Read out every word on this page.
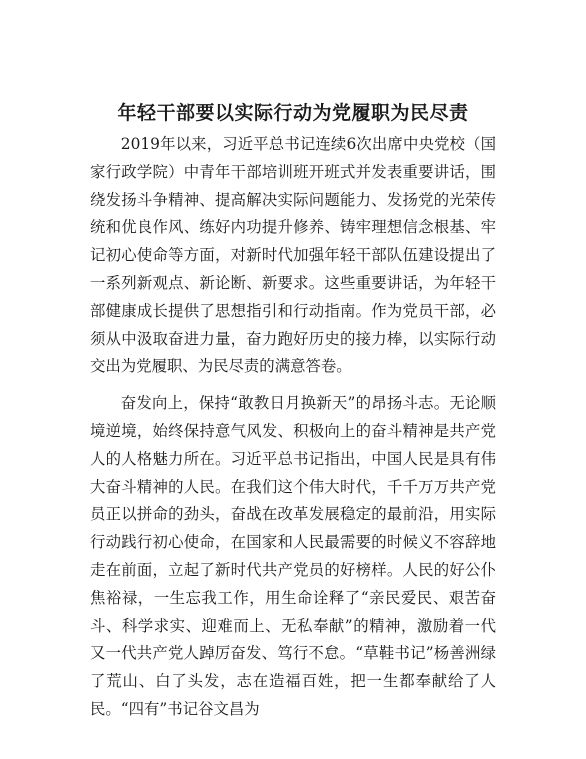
年轻干部要以实际行动为党履职为民尽责

2019年以来，习近平总书记连续6次出席中央党校（国家行政学院）中青年干部培训班开班式并发表重要讲话，围绕发扬斗争精神、提高解决实际问题能力、发扬党的光荣传统和优良作风、练好内功提升修养、铸牢理想信念根基、牢记初心使命等方面，对新时代加强年轻干部队伍建设提出了一系列新观点、新论断、新要求。这些重要讲话，为年轻干部健康成长提供了思想指引和行动指南。作为党员干部，必须从中汲取奋进力量，奋力跑好历史的接力棒，以实际行动交出为党履职、为民尽责的满意答卷。

奋发向上，保持“敢教日月换新天”的昂扬斗志。无论顺境逆境，始终保持意气风发、积极向上的奋斗精神是共产党人的人格魅力所在。习近平总书记指出，中国人民是具有伟大奋斗精神的人民。在我们这个伟大时代，千千万万共产党员正以拼命的劲头，奋战在改革发展稳定的最前沿，用实际行动践行初心使命，在国家和人民最需要的时候义不容辞地走在前面，立起了新时代共产党员的好榜样。人民的好公仆焦裕禄，一生忘我工作，用生命诠释了“亲民爱民、艰苦奋斗、科学求实、迎难而上、无私奉献”的精神，激励着一代又一代共产党人踔厉奋发、笃行不怠。“草鞋书记”杨善洲绿了荒山、白了头发，志在造福百姓，把一生都奉献给了人民。“四有”书记谷文昌为
